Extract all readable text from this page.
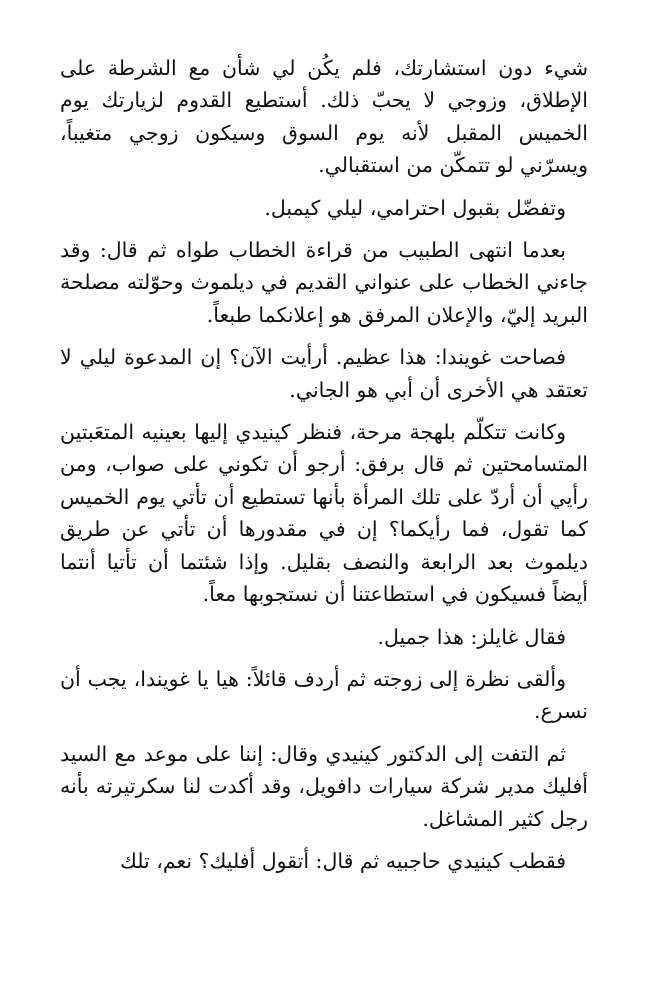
شيء دون استشارتك، فلم يكُن لي شأن مع الشرطة على الإطلاق، وزوجي لا يحبّ ذلك. أستطيع القدوم لزيارتك يوم الخميس المقبل لأنه يوم السوق وسيكون زوجي متغيباً، ويسرّني لو تتمكّن من استقبالي.

وتفضّل بقبول احترامي، ليلي كيمبل.

بعدما انتهى الطبيب من قراءة الخطاب طواه ثم قال: وقد جاءني الخطاب على عنواني القديم في ديلموث وحوّلته مصلحة البريد إليّ، والإعلان المرفق هو إعلانكما طبعاً.

فصاحت غويندا: هذا عظيم. أرأيت الآن؟ إن المدعوة ليلي لا تعتقد هي الأخرى أن أبي هو الجاني.

وكانت تتكلّم بلهجة مرحة، فنظر كينيدي إليها بعينيه المتعَبتين المتسامحتين ثم قال برفق: أرجو أن تكوني على صواب، ومن رأيي أن أردّ على تلك المرأة بأنها تستطيع أن تأتي يوم الخميس كما تقول، فما رأيكما؟ إن في مقدورها أن تأتي عن طريق ديلموث بعد الرابعة والنصف بقليل. وإذا شئتما أن تأتيا أنتما أيضاً فسيكون في استطاعتنا أن نستجوبها معاً.

فقال غايلز: هذا جميل.

وألقى نظرة إلى زوجته ثم أردف قائلاً: هيا يا غويندا، يجب أن نسرع.

ثم التفت إلى الدكتور كينيدي وقال: إننا على موعد مع السيد أفليك مدير شركة سيارات دافويل، وقد أكدت لنا سكرتيرته بأنه رجل كثير المشاغل.

فقطب كينيدي حاجبيه ثم قال: أتقول أفليك؟ نعم، تلك
